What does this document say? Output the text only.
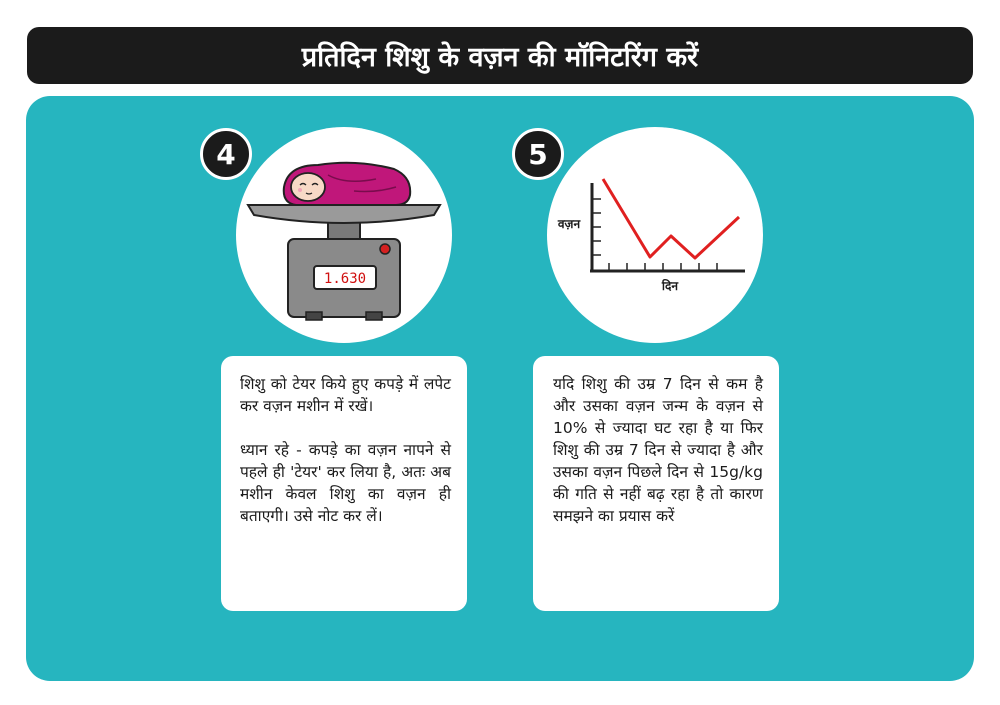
प्रतिदिन शिशु के वज़न की मॉनिटरिंग करें
1.630
4
वज़न
दिन
5

शिशु को टेयर किये हुए कपड़े में लपेट कर वज़न मशीन में रखें।

ध्यान रहे - कपड़े का वज़न नापने से पहले ही 'टेयर' कर लिया है, अतः अब मशीन केवल शिशु का वज़न ही बताएगी। उसे नोट कर लें।

यदि शिशु की उम्र 7 दिन से कम है और उसका वज़न जन्म के वज़न से 10% से ज्यादा घट रहा है या फिर शिशु की उम्र 7 दिन से ज्यादा है और उसका वज़न पिछले दिन से 15g/kg की गति से नहीं बढ़ रहा है तो कारण समझने का प्रयास करें
